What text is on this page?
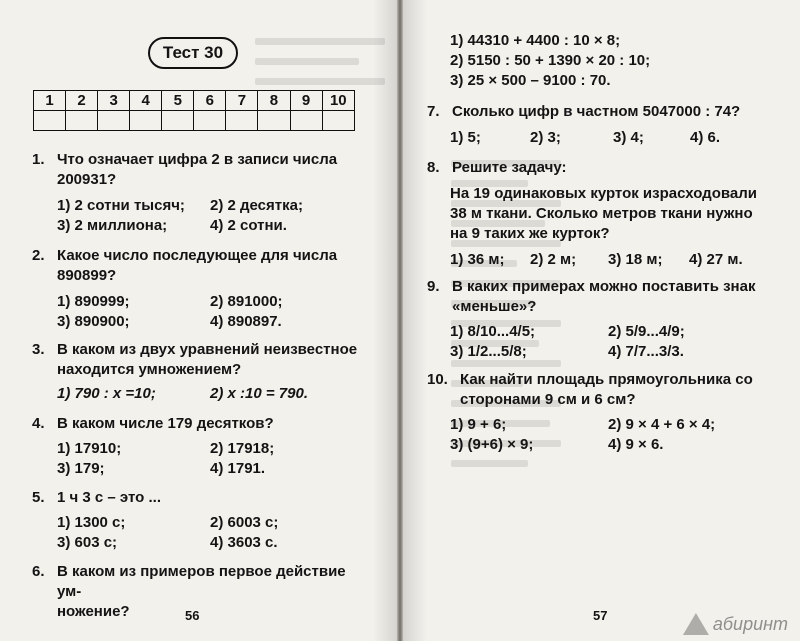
Тест 30
1	2	3	4	5	6	7	8	9	10

1. Что означает цифра 2 в записи числа
200931?
1) 2 сотни тысяч; 2) 2 десятка;
3) 2 миллиона;	4) 2 сотни.
2. Какое число последующее для числа
890899?
1) 890999;	2) 891000;
3) 890900;	4) 890897.
3. В каком из двух уравнений неизвестное
находится умножением?
1) 790 : x =10;	2) x :10 = 790.
4. В каком числе 179 десятков?
1) 17910;	2) 17918;
3) 179;	4) 1791.
5. 1 ч 3 с – это ...
1) 1300 с;	2) 6003 с;
3) 603 с;	4) 3603 с.
6. В каком из примеров первое действие ум-
ножение?	56
1) 44310 + 4400 : 10 × 8;
2) 5150 : 50 + 1390 × 20 : 10;
3) 25 × 500 – 9100 : 70.
7. Сколько цифр в частном 5047000 : 74?
1) 5;	2) 3;	3) 4;	4) 6.
8. Решите задачу:
На 19 одинаковых курток израсходовали
38 м ткани. Сколько метров ткани нужно
на 9 таких же курток?
1) 36 м; 2) 2 м; 3) 18 м; 4) 27 м.
9. В каких примерах можно поставить знак
«меньше»?
1) 8/10...4/5;	2) 5/9...4/9;
3) 1/2...5/8;	4) 7/7...3/3.
10. Как найти площадь прямоугольника со
сторонами 9 см и 6 см?
1) 9 + 6;	2) 9 × 4 + 6 × 4;
3) (9+6) × 9;	4) 9 × 6.
57	абиринт
